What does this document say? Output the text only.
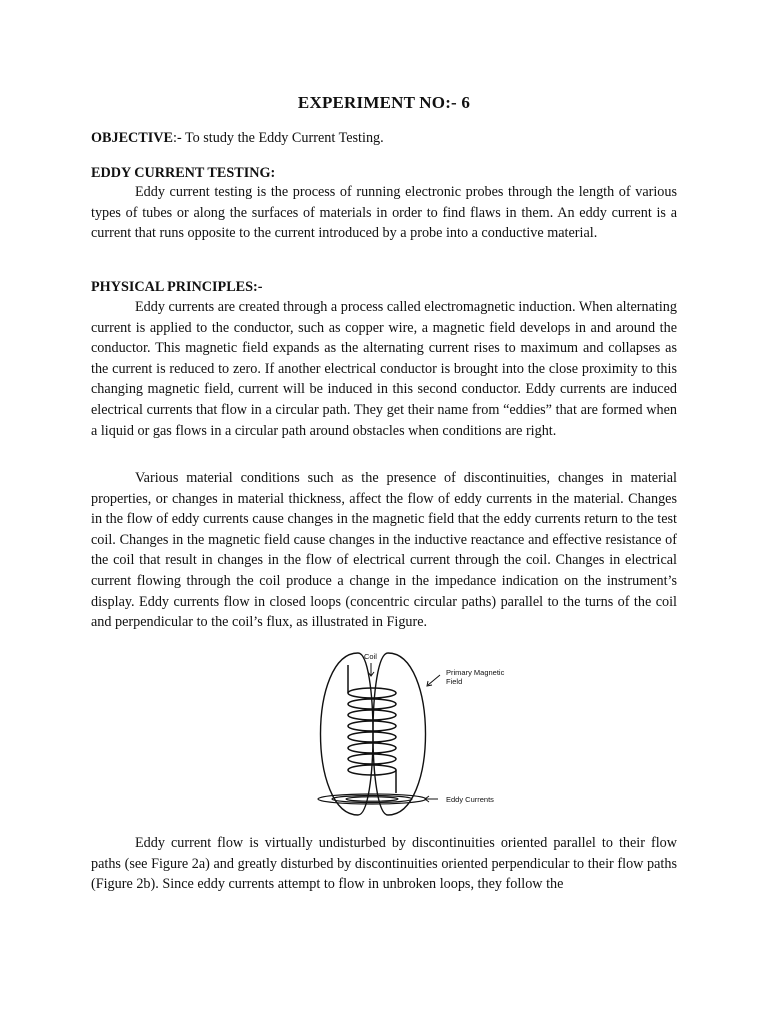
EXPERIMENT NO:- 6
OBJECTIVE:- To study the Eddy Current Testing.
EDDY CURRENT TESTING:

Eddy current testing is the process of running electronic probes through the length of various types of tubes or along the surfaces of materials in order to find flaws in them. An eddy current is a current that runs opposite to the current introduced by a probe into a conductive material.

PHYSICAL PRINCIPLES:-

Eddy currents are created through a process called electromagnetic induction. When alternating current is applied to the conductor, such as copper wire, a magnetic field develops in and around the conductor. This magnetic field expands as the alternating current rises to maximum and collapses as the current is reduced to zero. If another electrical conductor is brought into the close proximity to this changing magnetic field, current will be induced in this second conductor. Eddy currents are induced electrical currents that flow in a circular path. They get their name from “eddies” that are formed when a liquid or gas flows in a circular path around obstacles when conditions are right.

Various material conditions such as the presence of discontinuities, changes in material properties, or changes in material thickness, affect the flow of eddy currents in the material. Changes in the flow of eddy currents cause changes in the magnetic field that the eddy currents return to the test coil. Changes in the magnetic field cause changes in the inductive reactance and effective resistance of the coil that result in changes in the flow of electrical current through the coil. Changes in electrical current flowing through the coil produce a change in the impedance indication on the instrument’s display. Eddy currents flow in closed loops (concentric circular paths) parallel to the turns of the coil and perpendicular to the coil’s flux, as illustrated in Figure.

Coil
Primary Magnetic
Field
Eddy Currents

Eddy current flow is virtually undisturbed by discontinuities oriented parallel to their flow paths (see Figure 2a) and greatly disturbed by discontinuities oriented perpendicular to their flow paths (Figure 2b). Since eddy currents attempt to flow in unbroken loops, they follow the
